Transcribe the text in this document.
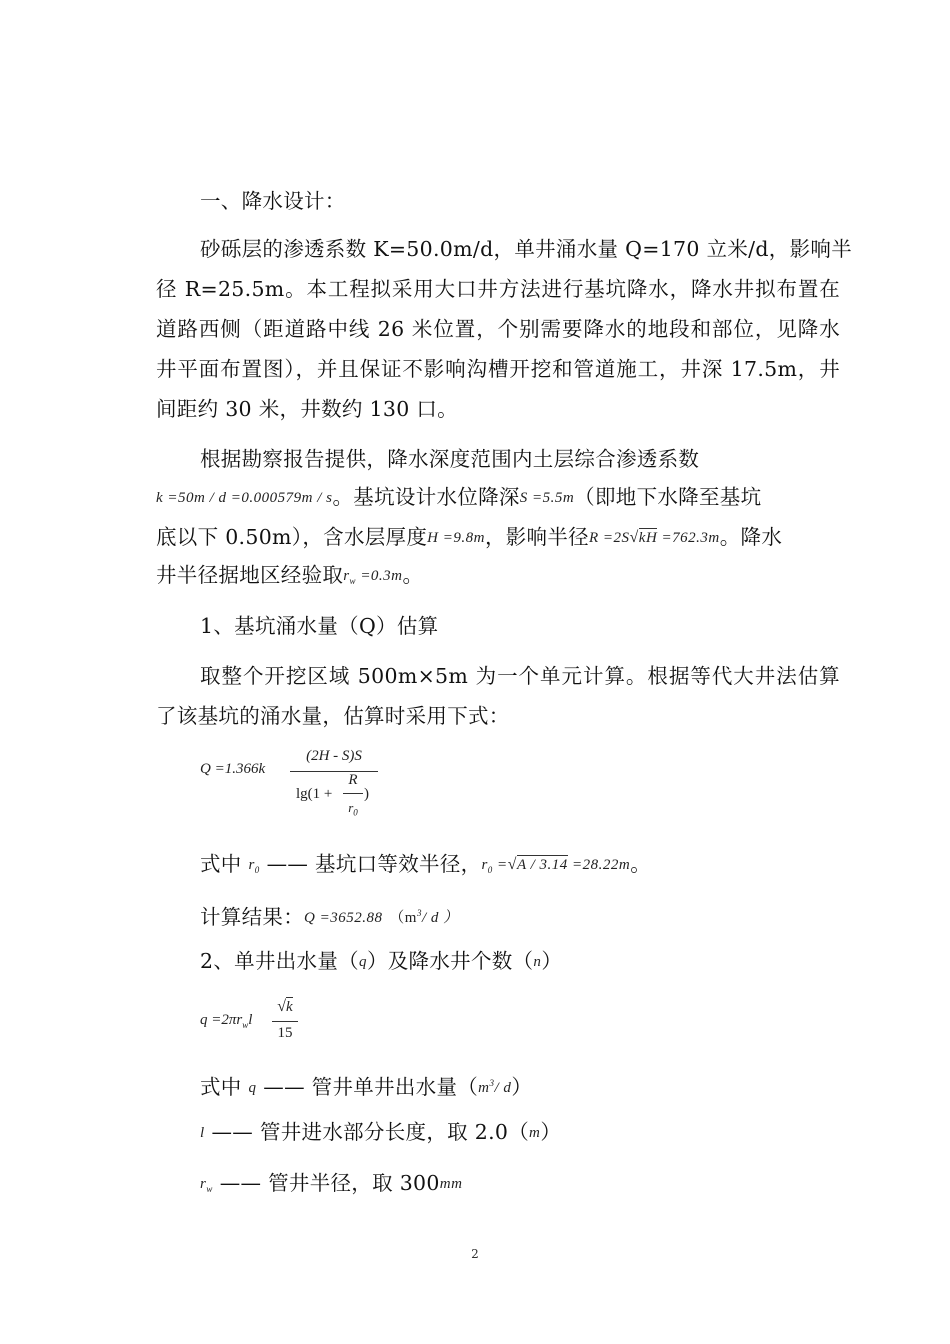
一、降水设计：
砂砾层的渗透系数 K=50.0m/d，单井涌水量 Q=170 立米/d，影响半
径 R=25.5m。本工程拟采用大口井方法进行基坑降水，降水井拟布置在
道路西侧（距道路中线 26 米位置，个别需要降水的地段和部位，见降水
井平面布置图），并且保证不影响沟槽开挖和管道施工，井深 17.5m，井
间距约 30 米，井数约 130 口。
根据勘察报告提供，降水深度范围内土层综合渗透系数
k =50m / d =0.000579m / s。基坑设计水位降深S =5.5m（即地下水降至基坑
底以下 0.50m），含水层厚度H =9.8m，影响半径R =2S√kH =762.3m。降水
井半径据地区经验取$r_w =0.3m$。
1、基坑涌水量（Q）估算
取整个开挖区域 500m×5m 为一个单元计算。根据等代大井法估算
了该基坑的涌水量，估算时采用下式：
Q =1.366k
(2H - S)S
lg(1 +
R
$r_0$
)
式中 $r_0$ —— 基坑口等效半径，$r_0 =√A / 3.14 =28.22m$。
计算结果：Q =3652.88 （$m^3/$ d ）
2、单井出水量（q）及降水井个数（n）
$q =2\pi r_wl$
√k
15
式中 q —— 管井单井出水量（$m^3/$ d）
l —— 管井进水部分长度，取 2.0（m）
$r_w$ —— 管井半径，取 300mm
2
